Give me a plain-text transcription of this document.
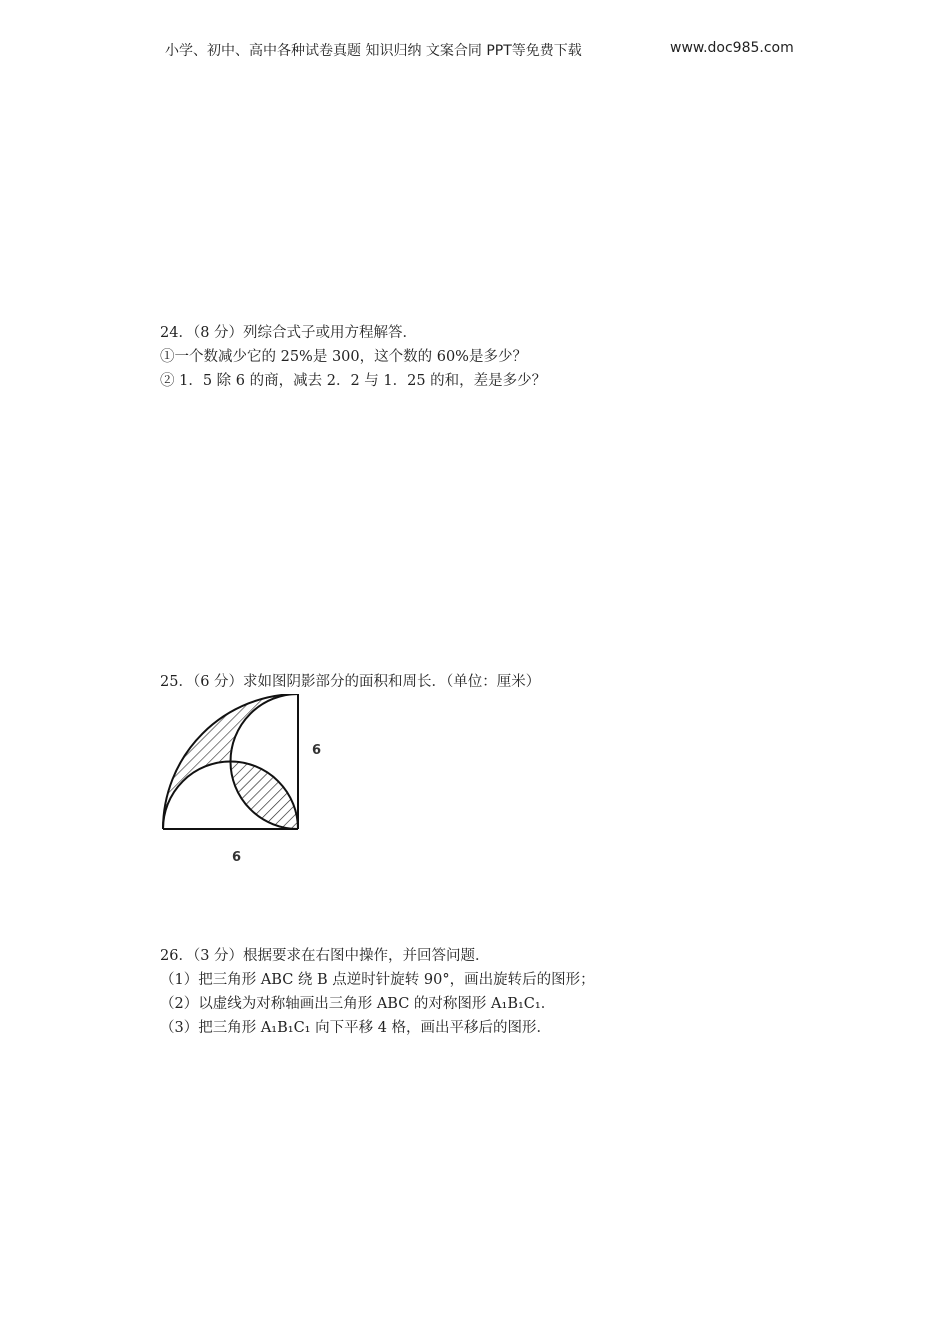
小学、初中、高中各种试卷真题 知识归纳 文案合同 PPT等免费下载	www.doc985.com
24．（8 分）列综合式子或用方程解答．
①一个数减少它的 25%是 300，这个数的 60%是多少？
② 1．5 除 6 的商，减去 2．2 与 1．25 的和，差是多少？
25．（6 分）求如图阴影部分的面积和周长．（单位：厘米）
6
6
26．（3 分）根据要求在右图中操作，并回答问题．
（1）把三角形 ABC 绕 B 点逆时针旋转 90°，画出旋转后的图形；
（2）以虚线为对称轴画出三角形 ABC 的对称图形 A₁B₁C₁．
（3）把三角形 A₁B₁C₁ 向下平移 4 格，画出平移后的图形．
